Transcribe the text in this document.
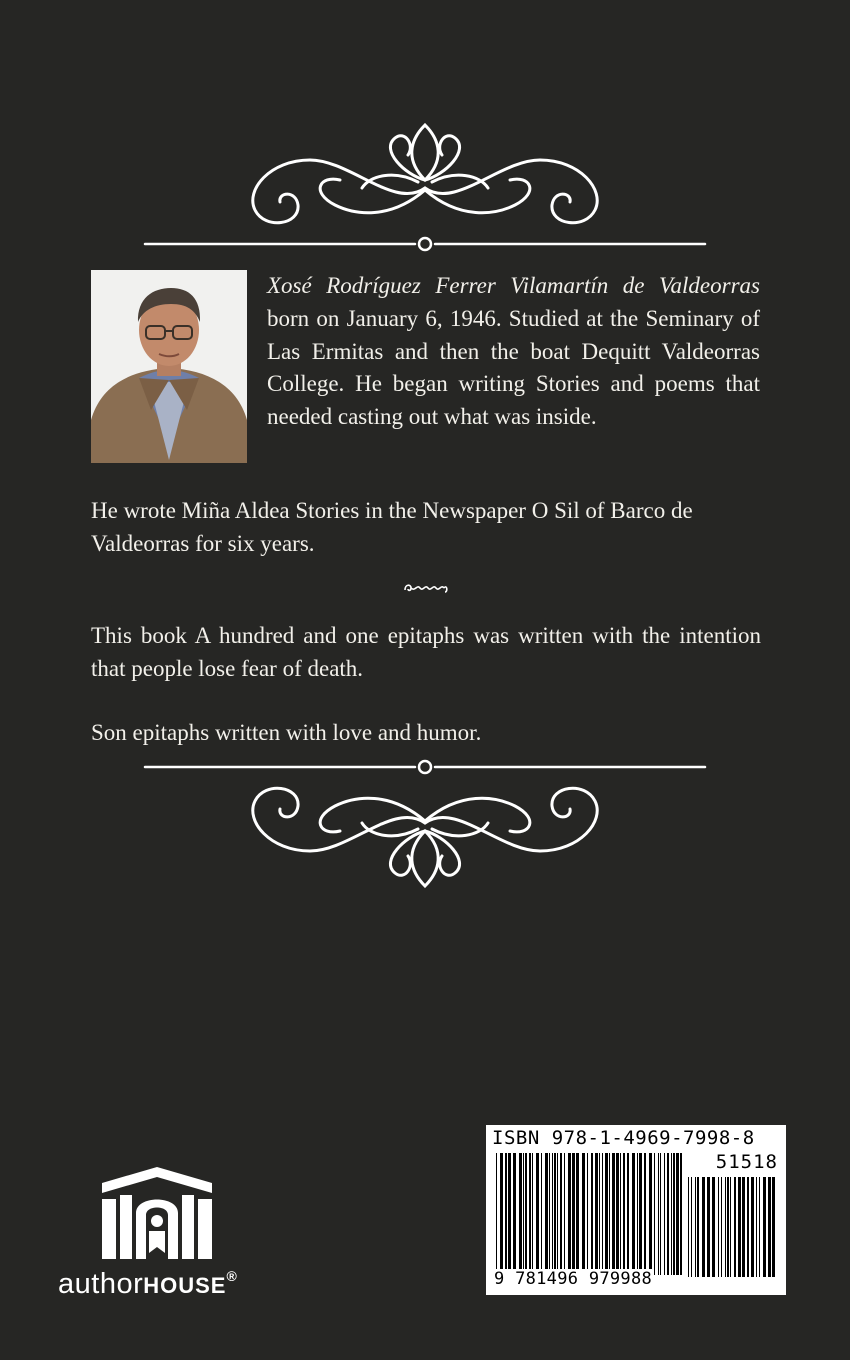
Xosé Rodríguez Ferrer Vilamartín de Valdeorras born on January 6, 1946. Studied at the Seminary of Las Ermitas and then the boat Dequitt Valdeorras College. He began writing Stories and poems that needed casting out what was inside.
He wrote Miña Aldea Stories in the Newspaper O Sil of Barco de Valdeorras for six years.
This book A hundred and one epitaphs was written with the intention that people lose fear of death.
Son epitaphs written with love and humor.
authorHOUSE®
ISBN 978-1-4969-7998-8
51518
9 781496 979988
